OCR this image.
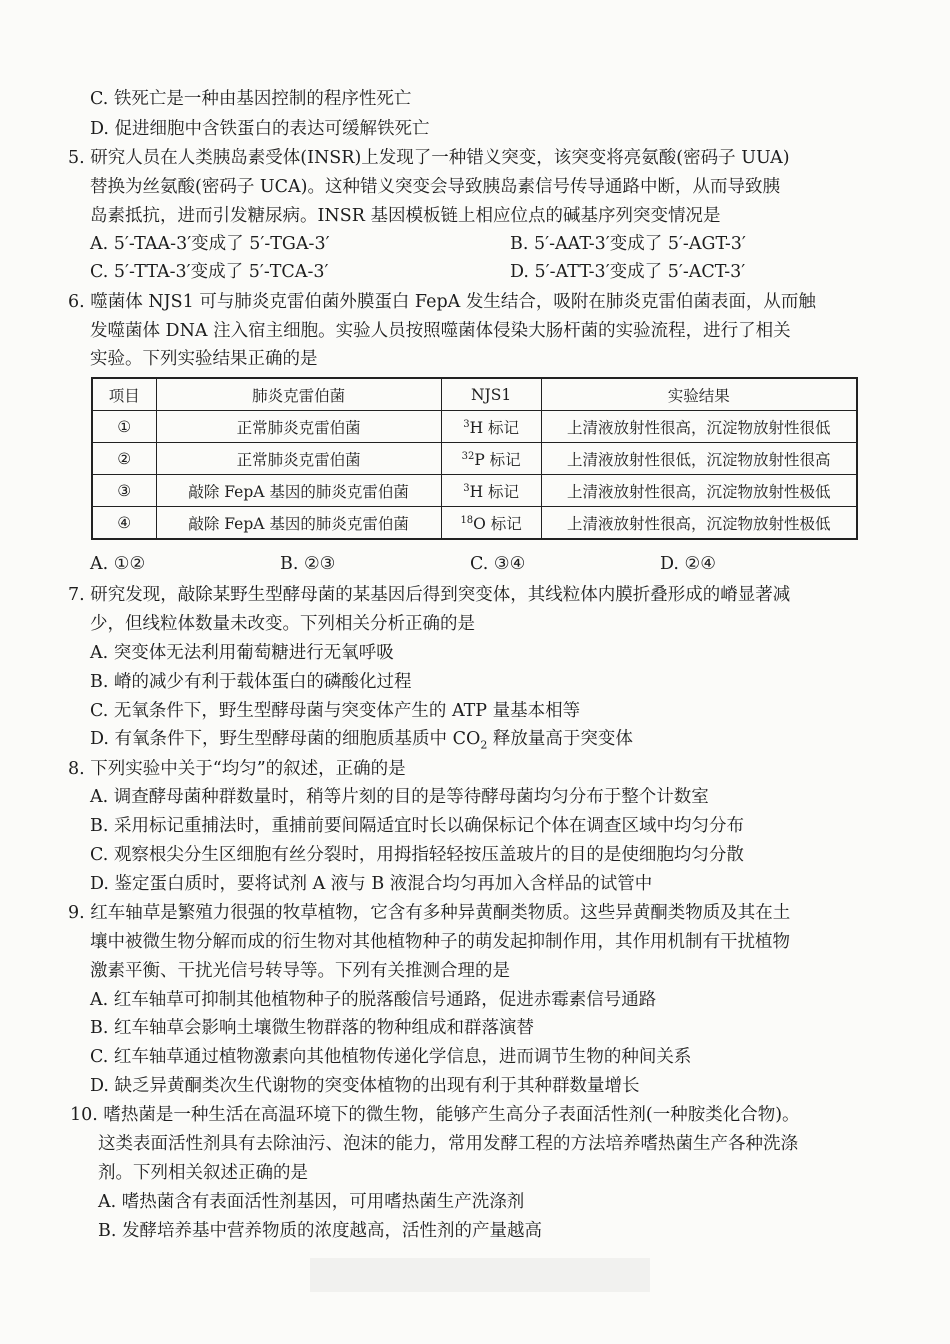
C. 铁死亡是一种由基因控制的程序性死亡
D. 促进细胞中含铁蛋白的表达可缓解铁死亡
5. 研究人员在人类胰岛素受体(INSR)上发现了一种错义突变，该突变将亮氨酸(密码子 UUA)
替换为丝氨酸(密码子 UCA)。这种错义突变会导致胰岛素信号传导通路中断，从而导致胰
岛素抵抗，进而引发糖尿病。INSR 基因模板链上相应位点的碱基序列突变情况是
A. 5′-TAA-3′变成了 5′-TGA-3′	B. 5′-AAT-3′变成了 5′-AGT-3′
C. 5′-TTA-3′变成了 5′-TCA-3′	D. 5′-ATT-3′变成了 5′-ACT-3′
6. 噬菌体 NJS1 可与肺炎克雷伯菌外膜蛋白 FepA 发生结合，吸附在肺炎克雷伯菌表面，从而触
发噬菌体 DNA 注入宿主细胞。实验人员按照噬菌体侵染大肠杆菌的实验流程，进行了相关
实验。下列实验结果正确的是
项目	肺炎克雷伯菌	NJS1	实验结果
①	正常肺炎克雷伯菌	$^3$H 标记	上清液放射性很高，沉淀物放射性很低
②	正常肺炎克雷伯菌	$^{32}$P 标记	上清液放射性很低，沉淀物放射性很高
③	敲除 FepA 基因的肺炎克雷伯菌	$^3$H 标记	上清液放射性很高，沉淀物放射性极低
④	敲除 FepA 基因的肺炎克雷伯菌	$^{18}$O 标记	上清液放射性很高，沉淀物放射性极低
A. ①②	B. ②③	C. ③④	D. ②④
7. 研究发现，敲除某野生型酵母菌的某基因后得到突变体，其线粒体内膜折叠形成的嵴显著减
少，但线粒体数量未改变。下列相关分析正确的是
A. 突变体无法利用葡萄糖进行无氧呼吸
B. 嵴的减少有利于载体蛋白的磷酸化过程
C. 无氧条件下，野生型酵母菌与突变体产生的 ATP 量基本相等
D. 有氧条件下，野生型酵母菌的细胞质基质中 $CO_2$ 释放量高于突变体
8. 下列实验中关于“均匀”的叙述，正确的是
A. 调查酵母菌种群数量时，稍等片刻的目的是等待酵母菌均匀分布于整个计数室
B. 采用标记重捕法时，重捕前要间隔适宜时长以确保标记个体在调查区域中均匀分布
C. 观察根尖分生区细胞有丝分裂时，用拇指轻轻按压盖玻片的目的是使细胞均匀分散
D. 鉴定蛋白质时，要将试剂 A 液与 B 液混合均匀再加入含样品的试管中
9. 红车轴草是繁殖力很强的牧草植物，它含有多种异黄酮类物质。这些异黄酮类物质及其在土
壤中被微生物分解而成的衍生物对其他植物种子的萌发起抑制作用，其作用机制有干扰植物
激素平衡、干扰光信号转导等。下列有关推测合理的是
A. 红车轴草可抑制其他植物种子的脱落酸信号通路，促进赤霉素信号通路
B. 红车轴草会影响土壤微生物群落的物种组成和群落演替
C. 红车轴草通过植物激素向其他植物传递化学信息，进而调节生物的种间关系
D. 缺乏异黄酮类次生代谢物的突变体植物的出现有利于其种群数量增长
10. 嗜热菌是一种生活在高温环境下的微生物，能够产生高分子表面活性剂(一种胺类化合物)。
这类表面活性剂具有去除油污、泡沫的能力，常用发酵工程的方法培养嗜热菌生产各种洗涤
剂。下列相关叙述正确的是
A. 嗜热菌含有表面活性剂基因，可用嗜热菌生产洗涤剂
B. 发酵培养基中营养物质的浓度越高，活性剂的产量越高
